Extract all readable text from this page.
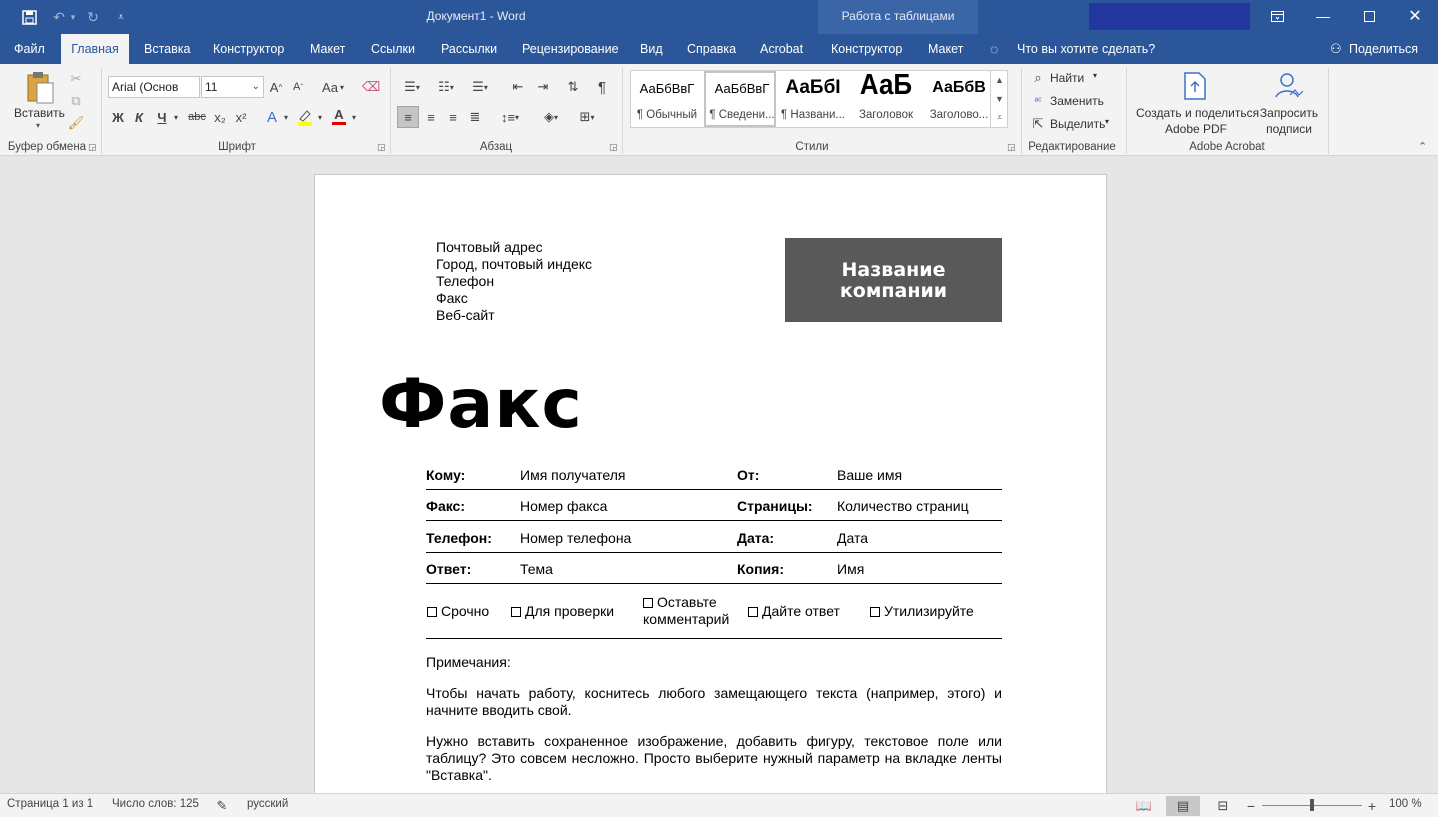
↶ ▾ ↻	⩡	Документ1 - Word	Работа с таблицами	—	✕
Файл	Главная	Вставка Конструктор Макет Ссылки Рассылки Рецензирование Вид Справка Acrobat Конструктор Макет ◌	Что вы хотите сделать?	⚇ Поделиться
Вставить
▾
✂
⧉
🖌
Буфер обмена ◲
Arial (Основ	11	⌄ A ^ A ˇ Aa ▾ ⌫
Ж К	Ч ▾ abc x₂ x² A ▾	▾ A	▾
Шрифт	◲
☰ ▾	☷ ▾	☰ ▾	⇤	⇥	⇅	¶
≡	≡	≡ ≣	↕≡ ▾	◈ ▾	⊞ ▾
Абзац	◲
АаБбВвГ
¶ Обычный
АаБбВвГ
¶ Сведени...
АаБбI
¶ Названи...
АаБ
Заголовок
АаБбВ
Заголово...
▲
▼
⩡
Стили	◲
⌕ Найти ▾
ᵃᶜ Заменить
⇱ Выделить ▾
Редактирование
Создать и поделиться
Adobe PDF
Запросить
подписи
Adobe Acrobat	⌃
Почтовый адрес
Город, почтовый индекс
Телефон
Факс
Веб-сайт
Название
компании
Факс
Кому:	Имя получателя	От:	Ваше имя
Факс:	Номер факса	Страницы: Количество страниц
Телефон: Номер телефона	Дата:	Дата
Ответ:	Тема	Копия:	Имя
Срочно	Для проверки
Оставьте
комментарий Дайте ответ	Утилизируйте
Примечания:
Чтобы начать работу, коснитесь любого замещающего текста (например, этого) и начните вводить свой.
Нужно вставить сохраненное изображение, добавить фигуру, текстовое поле или таблицу? Это совсем несложно. Просто выберите нужный параметр на вкладке ленты "Вставка".
Страница 1 из 1 Число слов: 125 ✎	русский	📖	▤	⊟	−	+ 100 %
